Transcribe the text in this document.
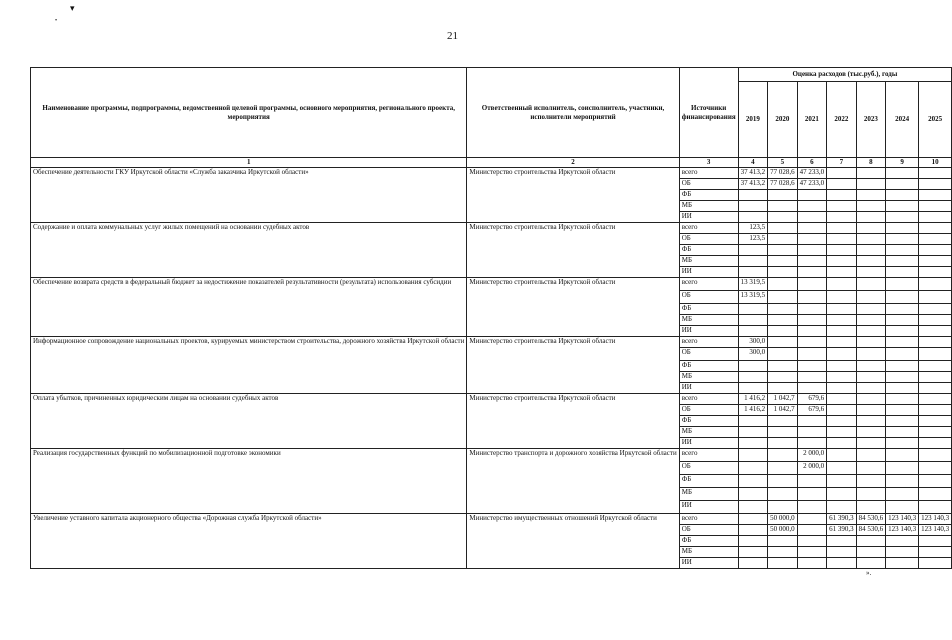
▾
•
21
Наименование программы, подпрограммы, ведомственной целевой программы, основного мероприятия, регионального проекта, мероприятия	Ответственный исполнитель, соисполнитель, участники, исполнители мероприятий	Источники финансирования	Оценка расходов (тыс.руб.), годы						
			2019	2020	2021	2022	2023	2024	2025
1	2	3	4	5	6	7	8	9	10
Обеспечение деятельности ГКУ Иркутской области «Служба заказчика Иркутской области»	Министерство строительства Иркутской области	всего	37 413,2	77 028,6	47 233,0				
		ОБ	37 413,2	77 028,6	47 233,0				
		ФБ							
		МБ							
		ИИ							
Содержание и оплата коммунальных услуг жилых помещений на основании судебных актов	Министерство строительства Иркутской области	всего	123,5						
		ОБ	123,5						
		ФБ							
		МБ							
		ИИ							
Обеспечение возврата средств в федеральный бюджет за недостижение показателей результативности (результата) использования субсидии	Министерство строительства Иркутской области	всего	13 319,5						
		ОБ	13 319,5						
		ФБ							
		МБ							
		ИИ							
Информационное сопровождение национальных проектов, курируемых министерством строительства, дорожного хозяйства Иркутской области	Министерство строительства Иркутской области	всего	300,0						
		ОБ	300,0						
		ФБ							
		МБ							
		ИИ							
Оплата убытков, причиненных юридическим лицам на основании судебных актов	Министерство строительства Иркутской области	всего	1 416,2	1 042,7	679,6				
		ОБ	1 416,2	1 042,7	679,6				
		ФБ							
		МБ							
		ИИ							
Реализация государственных функций по мобилизационной подготовке экономики	Министерство транспорта и дорожного хозяйства Иркутской области	всего			2 000,0				
		ОБ			2 000,0				
		ФБ							
		МБ							
		ИИ							
Увеличение уставного капитала акционерного общества «Дорожная служба Иркутской области»	Министерство имущественных отношений Иркутской области	всего		50 000,0		61 390,3	84 530,6	123 140,3	123 140,3
		ОБ		50 000,0		61 390,3	84 530,6	123 140,3	123 140,3
		ФБ							
		МБ							
		ИИ							
».
